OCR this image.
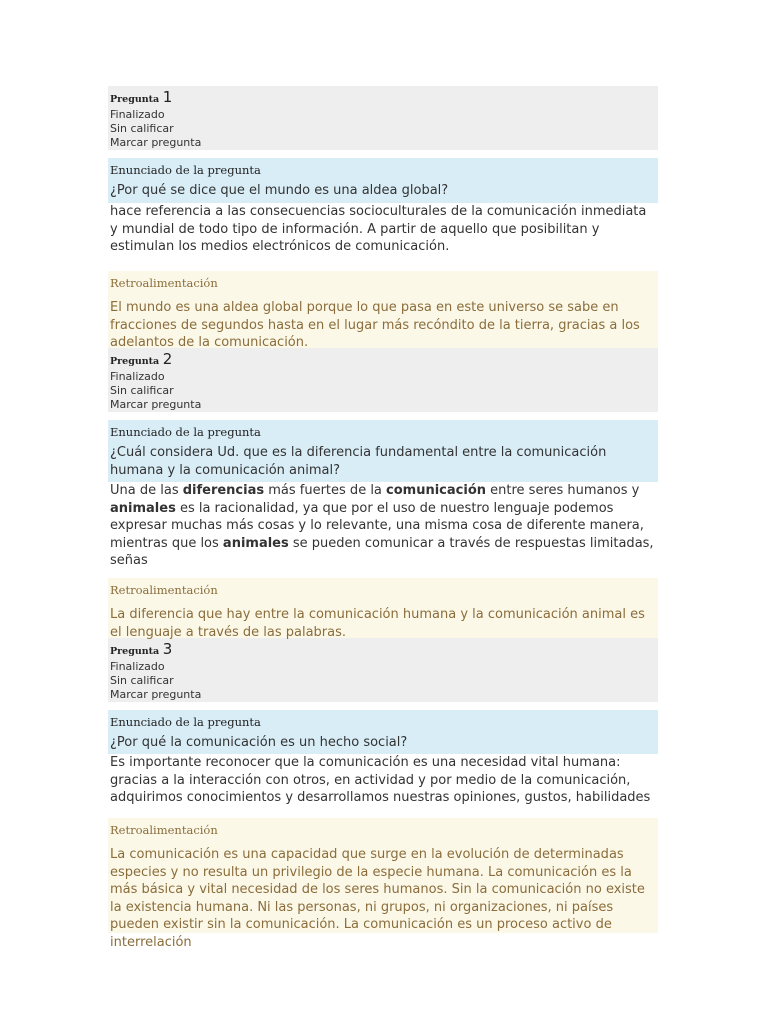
Pregunta 1
Finalizado
Sin calificar
Marcar pregunta
Enunciado de la pregunta
¿Por qué se dice que el mundo es una aldea global?
hace referencia a las consecuencias socioculturales de la comunicación inmediata y mundial de todo tipo de información. A partir de aquello que posibilitan y estimulan los medios electrónicos de comunicación.
Retroalimentación
El mundo es una aldea global porque lo que pasa en este universo se sabe en fracciones de segundos hasta en el lugar más recóndito de la tierra, gracias a los adelantos de la comunicación.
Pregunta 2
Finalizado
Sin calificar
Marcar pregunta
Enunciado de la pregunta
¿Cuál considera Ud. que es la diferencia fundamental entre la comunicación humana y la comunicación animal?
Una de las diferencias más fuertes de la comunicación entre seres humanos y animales es la racionalidad, ya que por el uso de nuestro lenguaje podemos expresar muchas más cosas y lo relevante, una misma cosa de diferente manera, mientras que los animales se pueden comunicar a través de respuestas limitadas, señas
Retroalimentación
La diferencia que hay entre la comunicación humana y la comunicación animal es el lenguaje a través de las palabras.
Pregunta 3
Finalizado
Sin calificar
Marcar pregunta
Enunciado de la pregunta
¿Por qué la comunicación es un hecho social?
Es importante reconocer que la comunicación es una necesidad vital humana: gracias a la interacción con otros, en actividad y por medio de la comunicación, adquirimos conocimientos y desarrollamos nuestras opiniones, gustos, habilidades
Retroalimentación
La comunicación es una capacidad que surge en la evolución de determinadas especies y no resulta un privilegio de la especie humana. La comunicación es la más básica y vital necesidad de los seres humanos. Sin la comunicación no existe la existencia humana. Ni las personas, ni grupos, ni organizaciones, ni países pueden existir sin la comunicación. La comunicación es un proceso activo de interrelación
